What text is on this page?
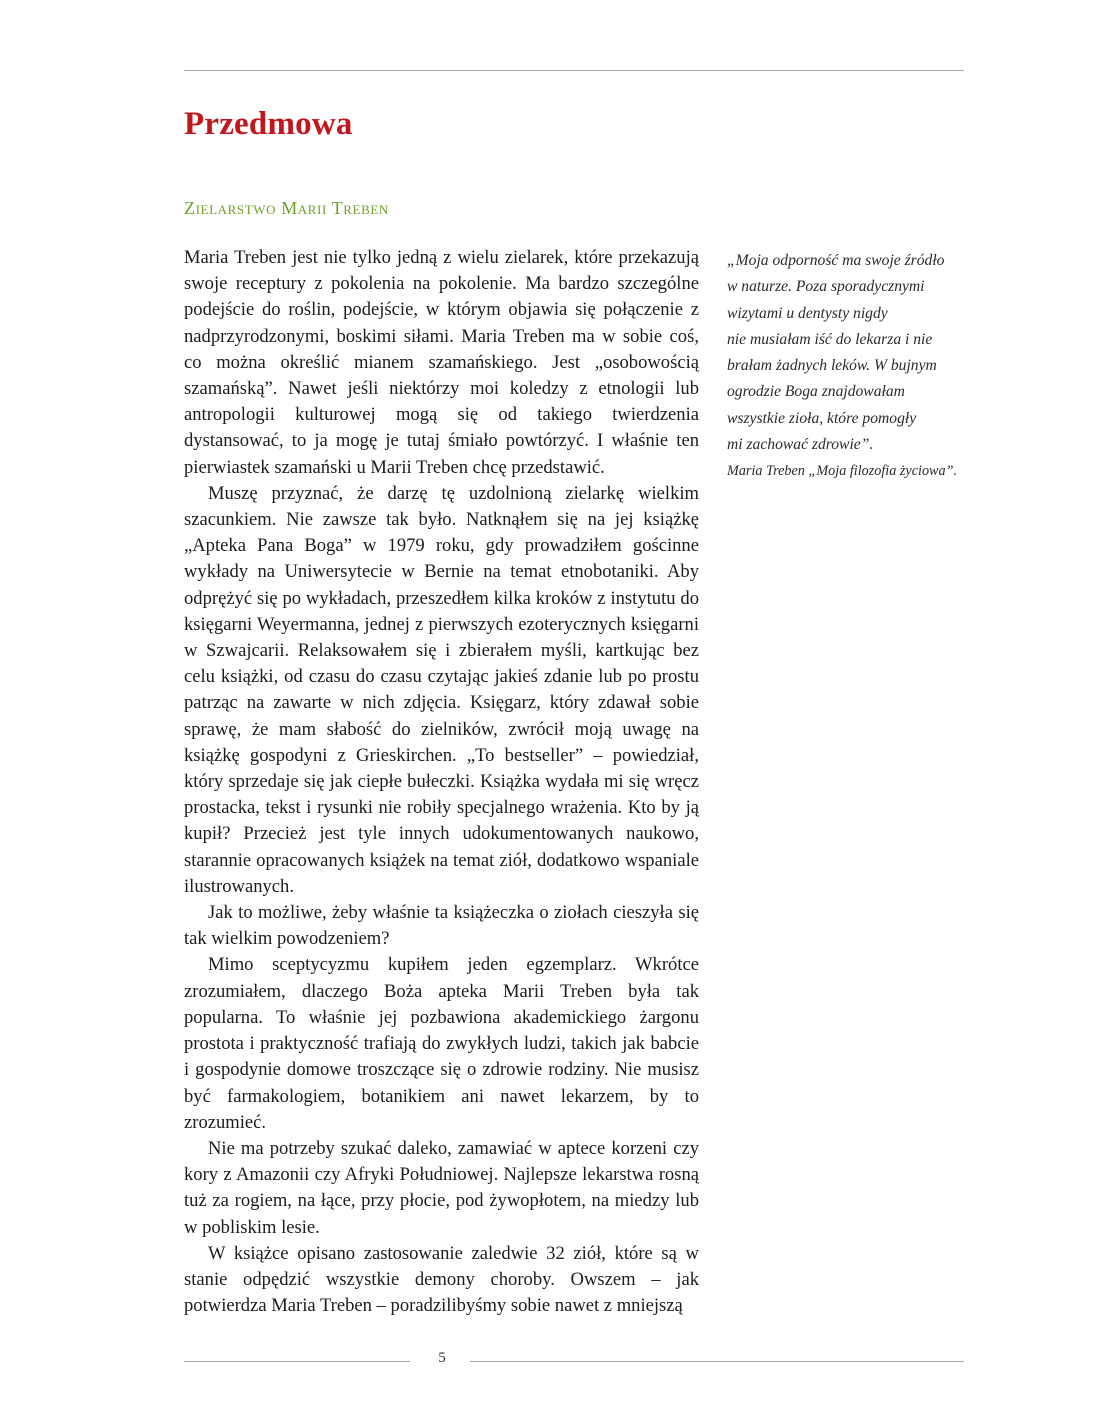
Przedmowa
Zielarstwo Marii Treben

Maria Treben jest nie tylko jedną z wielu zielarek, które przekazują swoje receptury z pokolenia na pokolenie. Ma bardzo szczególne podejście do roślin, podejście, w którym objawia się połączenie z nadprzyrodzonymi, boskimi siłami. Maria Treben ma w sobie coś, co można określić mianem szamańskiego. Jest „osobowością szamańską”. Nawet jeśli niektórzy moi koledzy z etnologii lub antropologii kulturowej mogą się od takiego twierdzenia dystansować, to ja mogę je tutaj śmiało powtórzyć. I właśnie ten pierwiastek szamański u Marii Treben chcę przedstawić.

Muszę przyznać, że darzę tę uzdolnioną zielarkę wielkim szacunkiem. Nie zawsze tak było. Natknąłem się na jej książkę „Apteka Pana Boga” w 1979 roku, gdy prowadziłem gościnne wykłady na Uniwersytecie w Bernie na temat etnobotaniki. Aby odprężyć się po wykładach, przeszedłem kilka kroków z instytutu do księgarni Weyermanna, jednej z pierwszych ezoterycznych księgarni w Szwajcarii. Relaksowałem się i zbierałem myśli, kartkując bez celu książki, od czasu do czasu czytając jakieś zdanie lub po prostu patrząc na zawarte w nich zdjęcia. Księgarz, który zdawał sobie sprawę, że mam słabość do zielników, zwrócił moją uwagę na książkę gospodyni z Grieskirchen. „To bestseller” – powiedział, który sprzedaje się jak ciepłe bułeczki. Książka wydała mi się wręcz prostacka, tekst i rysunki nie robiły specjalnego wrażenia. Kto by ją kupił? Przecież jest tyle innych udokumentowanych naukowo, starannie opracowanych książek na temat ziół, dodatkowo wspaniale ilustrowanych.

Jak to możliwe, żeby właśnie ta książeczka o ziołach cieszyła się tak wielkim powodzeniem?

Mimo sceptycyzmu kupiłem jeden egzemplarz. Wkrótce zrozumiałem, dlaczego Boża apteka Marii Treben była tak popularna. To właśnie jej pozbawiona akademickiego żargonu prostota i praktyczność trafiają do zwykłych ludzi, takich jak babcie i gospodynie domowe troszczące się o zdrowie rodziny. Nie musisz być farmakologiem, botanikiem ani nawet lekarzem, by to zrozumieć.

Nie ma potrzeby szukać daleko, zamawiać w aptece korzeni czy kory z Amazonii czy Afryki Południowej. Najlepsze lekarstwa rosną tuż za rogiem, na łące, przy płocie, pod żywopłotem, na miedzy lub w pobliskim lesie.

W książce opisano zastosowanie zaledwie 32 ziół, które są w stanie odpędzić wszystkie demony choroby. Owszem – jak potwierdza Maria Treben – poradzilibyśmy sobie nawet z mniejszą

„Moja odporność ma swoje źródło
w naturze. Poza sporadycznymi
wizytami u dentysty nigdy
nie musiałam iść do lekarza i nie
brałam żadnych leków. W bujnym
ogrodzie Boga znajdowałam
wszystkie zioła, które pomogły
mi zachować zdrowie”.
Maria Treben „Moja filozofia życiowa”.
5
